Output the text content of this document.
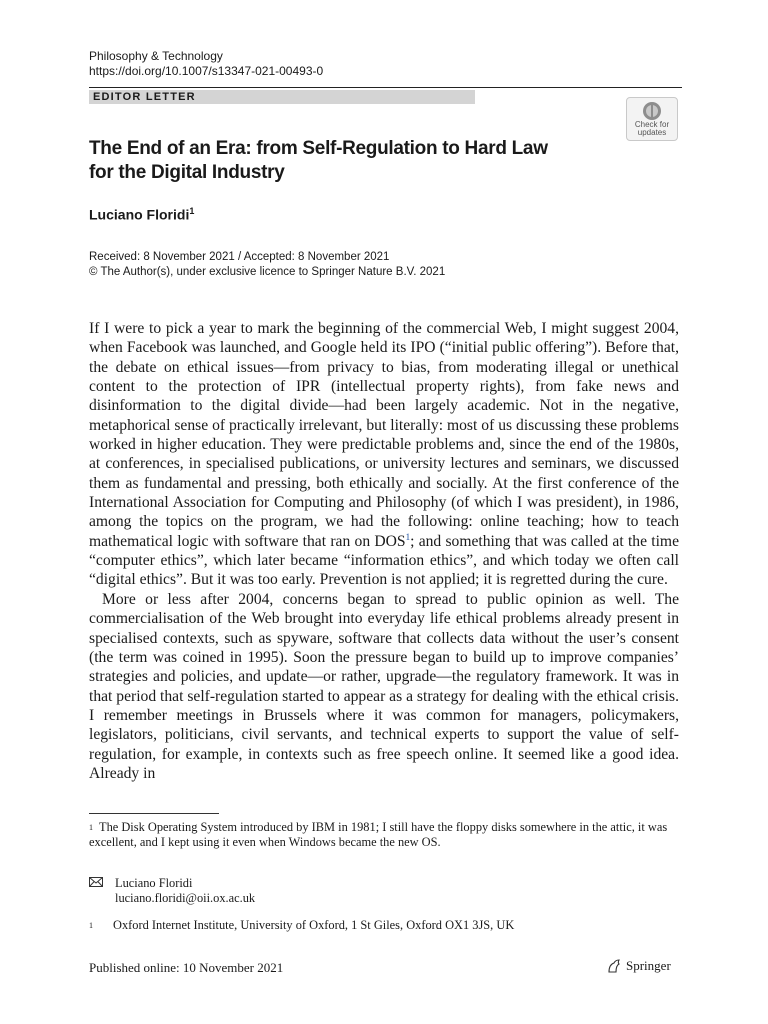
Philosophy & Technology
https://doi.org/10.1007/s13347-021-00493-0
EDITOR LETTER
Check for
updates
The End of an Era: from Self-Regulation to Hard Law
for the Digital Industry
Luciano Floridi$^1$
Received: 8 November 2021 / Accepted: 8 November 2021
© The Author(s), under exclusive licence to Springer Nature B.V. 2021

If I were to pick a year to mark the beginning of the commercial Web, I might suggest 2004, when Facebook was launched, and Google held its IPO (“initial public offering”). Before that, the debate on ethical issues—from privacy to bias, from moderating illegal or unethical content to the protection of IPR (intellectual property rights), from fake news and disinformation to the digital divide—had been largely academic. Not in the negative, metaphorical sense of practically irrelevant, but literally: most of us discussing these problems worked in higher education. They were predictable problems and, since the end of the 1980s, at conferences, in specialised publications, or university lectures and seminars, we discussed them as fundamental and pressing, both ethically and socially. At the first conference of the International Association for Computing and Philosophy (of which I was president), in 1986, among the topics on the program, we had the following: online teaching; how to teach mathematical logic with software that ran on DOS$^1$; and something that was called at the time “computer ethics”, which later became “information ethics”, and which today we often call “digital ethics”. But it was too early. Prevention is not applied; it is regretted during the cure.

More or less after 2004, concerns began to spread to public opinion as well. The commercialisation of the Web brought into everyday life ethical problems already present in specialised contexts, such as spyware, software that collects data without the user’s consent (the term was coined in 1995). Soon the pressure began to build up to improve companies’ strategies and policies, and update—or rather, upgrade—the regulatory framework. It was in that period that self-regulation started to appear as a strategy for dealing with the ethical crisis. I remember meetings in Brussels where it was common for managers, policymakers, legislators, politicians, civil servants, and technical experts to support the value of self-regulation, for example, in contexts such as free speech online. It seemed like a good idea. Already in

$^1$ The Disk Operating System introduced by IBM in 1981; I still have the floppy disks somewhere in the attic, it was excellent, and I kept using it even when Windows became the new OS.
Luciano Floridi
luciano.floridi@oii.ox.ac.uk
1	Oxford Internet Institute, University of Oxford, 1 St Giles, Oxford OX1 3JS, UK
Published online: 10 November 2021	Springer
